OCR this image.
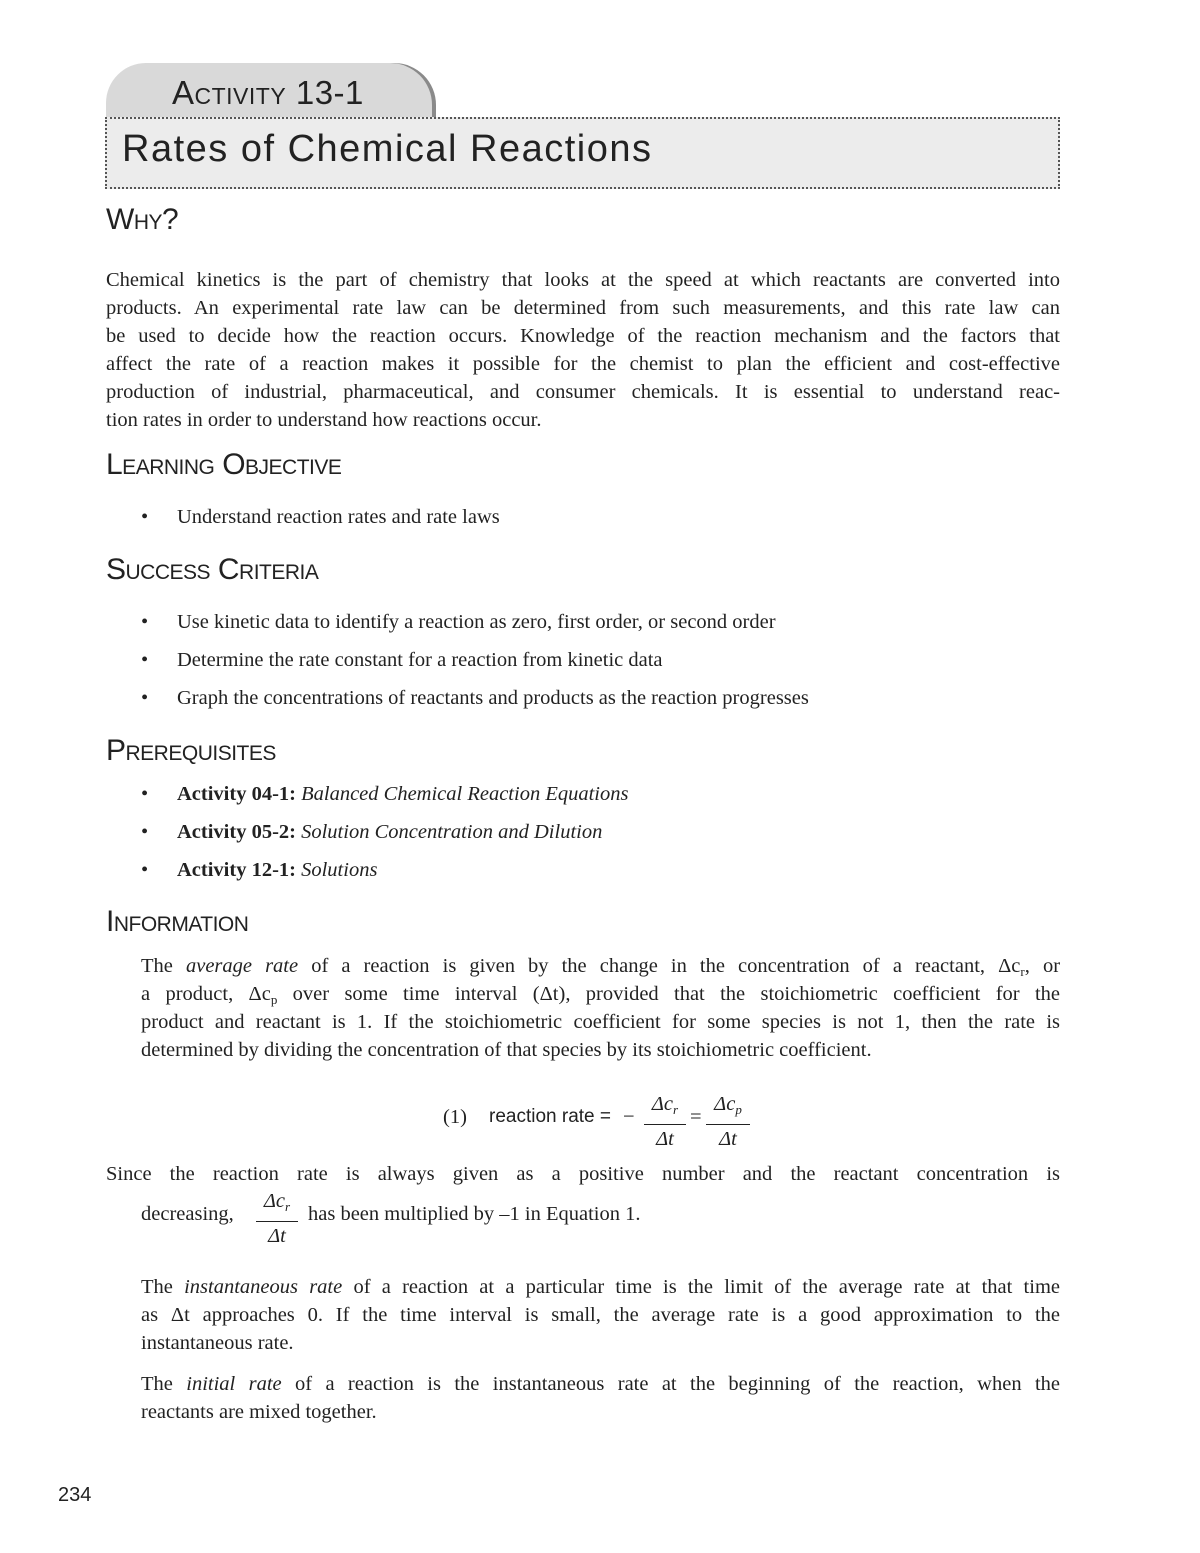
Activity 13-1
Rates of Chemical Reactions
Why?

Chemical kinetics is the part of chemistry that looks at the speed at which reactants are converted into

products. An experimental rate law can be determined from such measurements, and this rate law can

be used to decide how the reaction occurs. Knowledge of the reaction mechanism and the factors that

affect the rate of a reaction makes it possible for the chemist to plan the efficient and cost-effective

production of industrial, pharmaceutical, and consumer chemicals. It is essential to understand reac-

tion rates in order to understand how reactions occur.

Learning Objective
• Understand reaction rates and rate laws
Success Criteria
• Use kinetic data to identify a reaction as zero, first order, or second order
• Determine the rate constant for a reaction from kinetic data
• Graph the concentrations of reactants and products as the reaction progresses
Prerequisites
• Activity 04-1: Balanced Chemical Reaction Equations
• Activity 05-2: Solution Concentration and Dilution
• Activity 12-1: Solutions
Information

The average rate of a reaction is given by the change in the concentration of a reactant, $\Delta c_r$, or

a product, $\Delta c_p$ over some time interval (Δt), provided that the stoichiometric coefficient for the

product and reactant is 1. If the stoichiometric coefficient for some species is not 1, then the rate is

determined by dividing the concentration of that species by its stoichiometric coefficient.

(1) reaction rate = −
$\Delta c_r$
Δt
=
$\Delta c_p$
Δt

Since the reaction rate is always given as a positive number and the reactant concentration is

decreasing,
$\Delta c_r$
Δt
has been multiplied by –1 in Equation 1.

The instantaneous rate of a reaction at a particular time is the limit of the average rate at that time

as Δt approaches 0. If the time interval is small, the average rate is a good approximation to the

instantaneous rate.

The initial rate of a reaction is the instantaneous rate at the beginning of the reaction, when the

reactants are mixed together.

234
